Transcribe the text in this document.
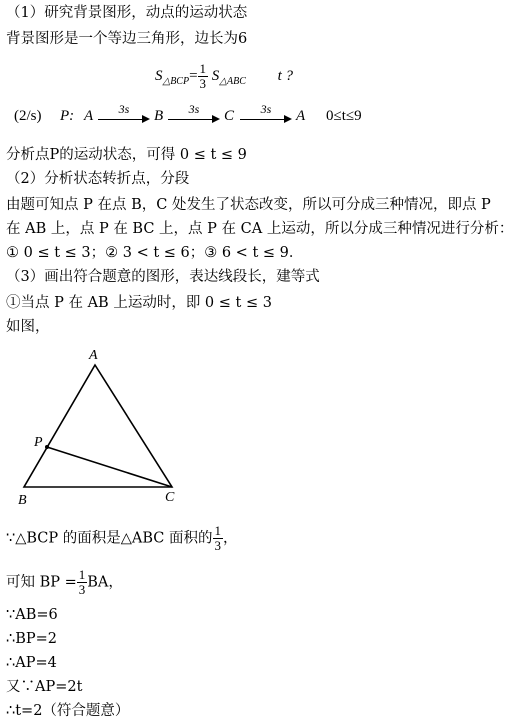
（1）研究背景图形，动点的运动状态
背景图形是一个等边三角形，边长为6
$S_{\triangle BCP}= \frac{1}{3} S_{\triangle ABC}$ t ?
(2/s) P: A	3s	B	3s	C	3s	A 0≤t≤9
分析点P的运动状态，可得 0 ≤ t ≤ 9
（2）分析状态转折点，分段
由题可知点 P 在点 B，C 处发生了状态改变，所以可分成三种情况，即点 P
在 AB 上，点 P 在 BC 上，点 P 在 CA 上运动，所以分成三种情况进行分析：
① 0 ≤ t ≤ 3；② 3 < t ≤ 6；③ 6 < t ≤ 9．
（3）画出符合题意的图形，表达线段长，建等式
①当点 P 在 AB 上运动时，即 0 ≤ t ≤ 3
如图，
A
P
B	C
∵△BCP 的面积是△ABC 面积的 $\frac{1}{3}$ ，
可知 BP = $\frac{1}{3}$ BA，
∵AB=6
∴BP=2
∴AP=4
又∵AP=2t
∴t=2（符合题意）
